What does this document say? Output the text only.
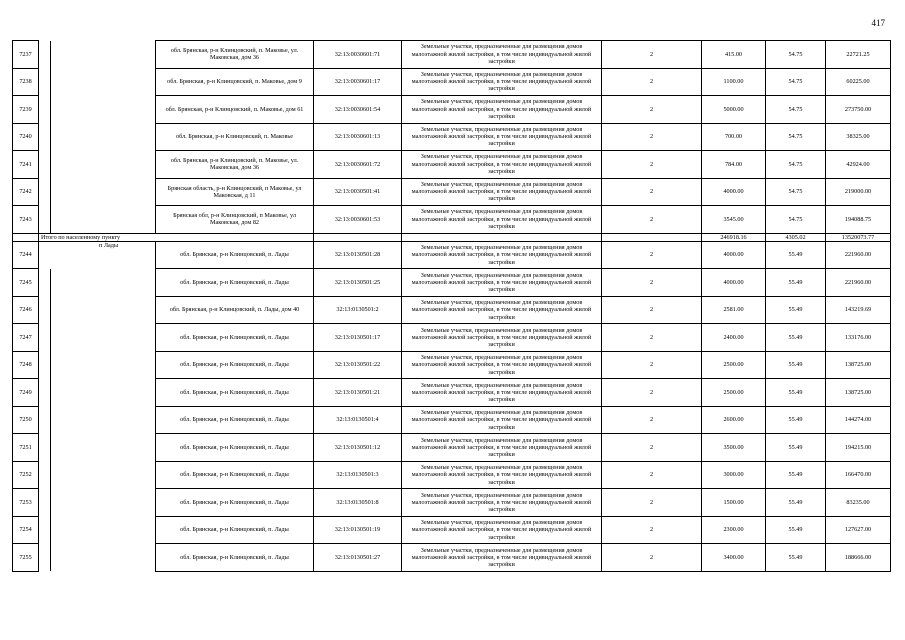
417
7237			обл. Брянская, р-н Клинцовский, п. Маковье, ул. Маковская, дом 36	32:13:0030601:71	Земельные участки, предназначенные для размещения домов малоэтажной жилой застройки, в том числе индивидуальной жилой застройки	2	415.00	54.75	22721.25
7238			обл. Брянская, р-н Клинцовский, п. Маковье, дом 9	32:13:0030601:17	Земельные участки, предназначенные для размещения домов малоэтажной жилой застройки, в том числе индивидуальной жилой застройки	2	1100.00	54.75	60225.00
7239			обл. Брянская, р-н Клинцовский, п. Маковье, дом 61	32:13:0030601:54	Земельные участки, предназначенные для размещения домов малоэтажной жилой застройки, в том числе индивидуальной жилой застройки	2	5000.00	54.75	273750.00
7240			обл. Брянская, р-н Клинцовский, п. Маковье	32:13:0030601:13	Земельные участки, предназначенные для размещения домов малоэтажной жилой застройки, в том числе индивидуальной жилой застройки	2	700.00	54.75	38325.00
7241			обл. Брянская, р-н Клинцовский, п. Маковье, ул. Маковская, дом 36	32:13:0030601:72	Земельные участки, предназначенные для размещения домов малоэтажной жилой застройки, в том числе индивидуальной жилой застройки	2	784.00	54.75	42924.00
7242			Брянская область, р-н Клинцовский, п Маковье, ул Маковская, д 11	32:13:0030501:41	Земельные участки, предназначенные для размещения домов малоэтажной жилой застройки, в том числе индивидуальной жилой застройки	2	4000.00	54.75	219000.00
7243			Брянская обл, р-н Клинцовский, п Маковье, ул Маковская, дом 82	32:13:0030601:53	Земельные участки, предназначенные для размещения домов малоэтажной жилой застройки, в том числе индивидуальной жилой застройки	2	3545.00	54.75	194088.75
	Итого по населенному пункту						246918.16	4305.02	13520073.77
7244	п Лады		обл. Брянская, р-н Клинцовский, п. Лады	32:13:0130501:28	Земельные участки, предназначенные для размещения домов малоэтажной жилой застройки, в том числе индивидуальной жилой застройки	2	4000.00	55.49	221960.00
7245			обл. Брянская, р-н Клинцовский, п. Лады	32:13:0130501:25	Земельные участки, предназначенные для размещения домов малоэтажной жилой застройки, в том числе индивидуальной жилой застройки	2	4000.00	55.49	221960.00
7246			обл. Брянская, р-н Клинцовский, п. Лады, дом 40	32:13:0130501:2	Земельные участки, предназначенные для размещения домов малоэтажной жилой застройки, в том числе индивидуальной жилой застройки	2	2581.00	55.49	143219.69
7247			обл. Брянская, р-н Клинцовский, п. Лады	32:13:0130501:17	Земельные участки, предназначенные для размещения домов малоэтажной жилой застройки, в том числе индивидуальной жилой застройки	2	2400.00	55.49	133176.00
7248			обл. Брянская, р-н Клинцовский, п. Лады	32:13:0130501:22	Земельные участки, предназначенные для размещения домов малоэтажной жилой застройки, в том числе индивидуальной жилой застройки	2	2500.00	55.49	138725.00
7249			обл. Брянская, р-н Клинцовский, п. Лады	32:13:0130501:21	Земельные участки, предназначенные для размещения домов малоэтажной жилой застройки, в том числе индивидуальной жилой застройки	2	2500.00	55.49	138725.00
7250			обл. Брянская, р-н Клинцовский, п. Лады	32:13:0130501:4	Земельные участки, предназначенные для размещения домов малоэтажной жилой застройки, в том числе индивидуальной жилой застройки	2	2600.00	55.49	144274.00
7251			обл. Брянская, р-н Клинцовский, п. Лады	32:13:0130501:12	Земельные участки, предназначенные для размещения домов малоэтажной жилой застройки, в том числе индивидуальной жилой застройки	2	3500.00	55.49	194215.00
7252			обл. Брянская, р-н Клинцовский, п. Лады	32:13:0130501:3	Земельные участки, предназначенные для размещения домов малоэтажной жилой застройки, в том числе индивидуальной жилой застройки	2	3000.00	55.49	166470.00
7253			обл. Брянская, р-н Клинцовский, п. Лады	32:13:0130501:8	Земельные участки, предназначенные для размещения домов малоэтажной жилой застройки, в том числе индивидуальной жилой застройки	2	1500.00	55.49	83235.00
7254			обл. Брянская, р-н Клинцовский, п. Лады	32:13:0130501:19	Земельные участки, предназначенные для размещения домов малоэтажной жилой застройки, в том числе индивидуальной жилой застройки	2	2300.00	55.49	127627.00
7255			обл. Брянская, р-н Клинцовский, п. Лады	32:13:0130501:27	Земельные участки, предназначенные для размещения домов малоэтажной жилой застройки, в том числе индивидуальной жилой застройки	2	3400.00	55.49	188666.00
